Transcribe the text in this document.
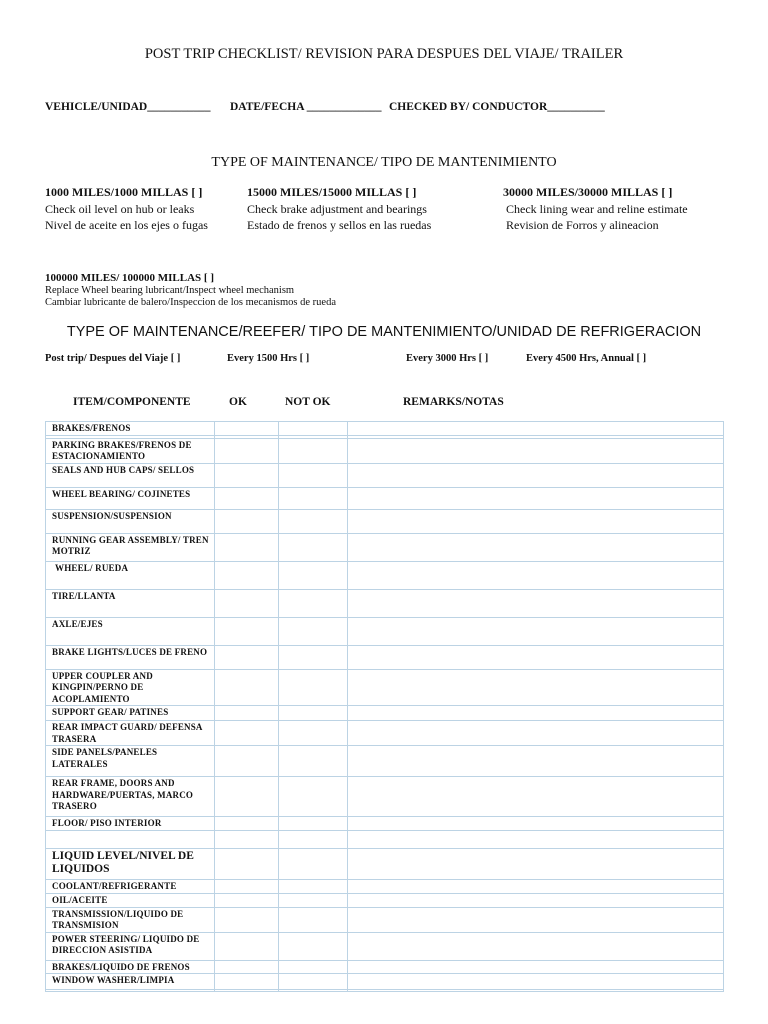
POST TRIP CHECKLIST/ REVISION PARA DESPUES DEL VIAJE/ TRAILER
VEHICLE/UNIDAD___________ DATE/FECHA _____________ CHECKED BY/ CONDUCTOR__________
TYPE OF MAINTENANCE/ TIPO DE MANTENIMIENTO
1000 MILES/1000 MILLAS [ ]
Check oil level on hub or leaks
Nivel de aceite en los ejes o fugas
15000 MILES/15000 MILLAS [ ]
Check brake adjustment and bearings
Estado de frenos y sellos en las ruedas
30000 MILES/30000 MILLAS [ ]
Check lining wear and reline estimate
Revision de Forros y alineacion
100000 MILES/ 100000 MILLAS [ ]
Replace Wheel bearing lubricant/Inspect wheel mechanism
Cambiar lubricante de balero/Inspeccion de los mecanismos de rueda
TYPE OF MAINTENANCE/REEFER/ TIPO DE MANTENIMIENTO/UNIDAD DE REFRIGERACION
Post trip/ Despues del Viaje [ ]	Every 1500 Hrs [ ]	Every 3000 Hrs [ ]	Every 4500 Hrs, Annual [ ]
ITEM/COMPONENTE	OK	NOT OK	REMARKS/NOTAS
BRAKES/FRENOS			

PARKING BRAKES/FRENOS DE ESTACIONAMIENTO			
SEALS AND HUB CAPS/ SELLOS			
WHEEL BEARING/ COJINETES			
SUSPENSION/SUSPENSION			
RUNNING GEAR ASSEMBLY/ TREN MOTRIZ			
WHEEL/ RUEDA			
TIRE/LLANTA			
AXLE/EJES			
BRAKE LIGHTS/LUCES DE FRENO			
UPPER COUPLER AND KINGPIN/PERNO DE ACOPLAMIENTO			
SUPPORT GEAR/ PATINES			
REAR IMPACT GUARD/ DEFENSA TRASERA			
SIDE PANELS/PANELES LATERALES			
REAR FRAME, DOORS AND HARDWARE/PUERTAS, MARCO TRASERO			
FLOOR/ PISO INTERIOR			

LIQUID LEVEL/NIVEL DE LIQUIDOS			
COOLANT/REFRIGERANTE			
OIL/ACEITE			
TRANSMISSION/LIQUIDO DE TRANSMISION			
POWER STEERING/ LIQUIDO DE DIRECCION ASISTIDA			
BRAKES/LIQUIDO DE FRENOS			
WINDOW WASHER/LIMPIA			
